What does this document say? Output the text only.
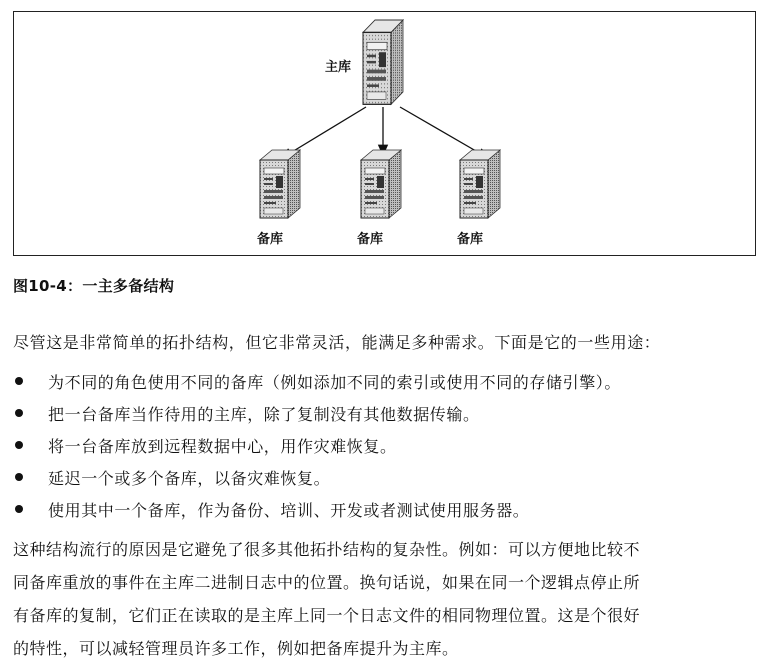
主库
备库	备库	备库
图10-4：一主多备结构
尽管这是非常简单的拓扑结构，但它非常灵活，能满足多种需求。下面是它的一些用途：
为不同的角色使用不同的备库（例如添加不同的索引或使用不同的存储引擎）。
把一台备库当作待用的主库，除了复制没有其他数据传输。
将一台备库放到远程数据中心，用作灾难恢复。
延迟一个或多个备库，以备灾难恢复。
使用其中一个备库，作为备份、培训、开发或者测试使用服务器。
这种结构流行的原因是它避免了很多其他拓扑结构的复杂性。例如：可以方便地比较不
同备库重放的事件在主库二进制日志中的位置。换句话说，如果在同一个逻辑点停止所
有备库的复制，它们正在读取的是主库上同一个日志文件的相同物理位置。这是个很好
的特性，可以减轻管理员许多工作，例如把备库提升为主库。
